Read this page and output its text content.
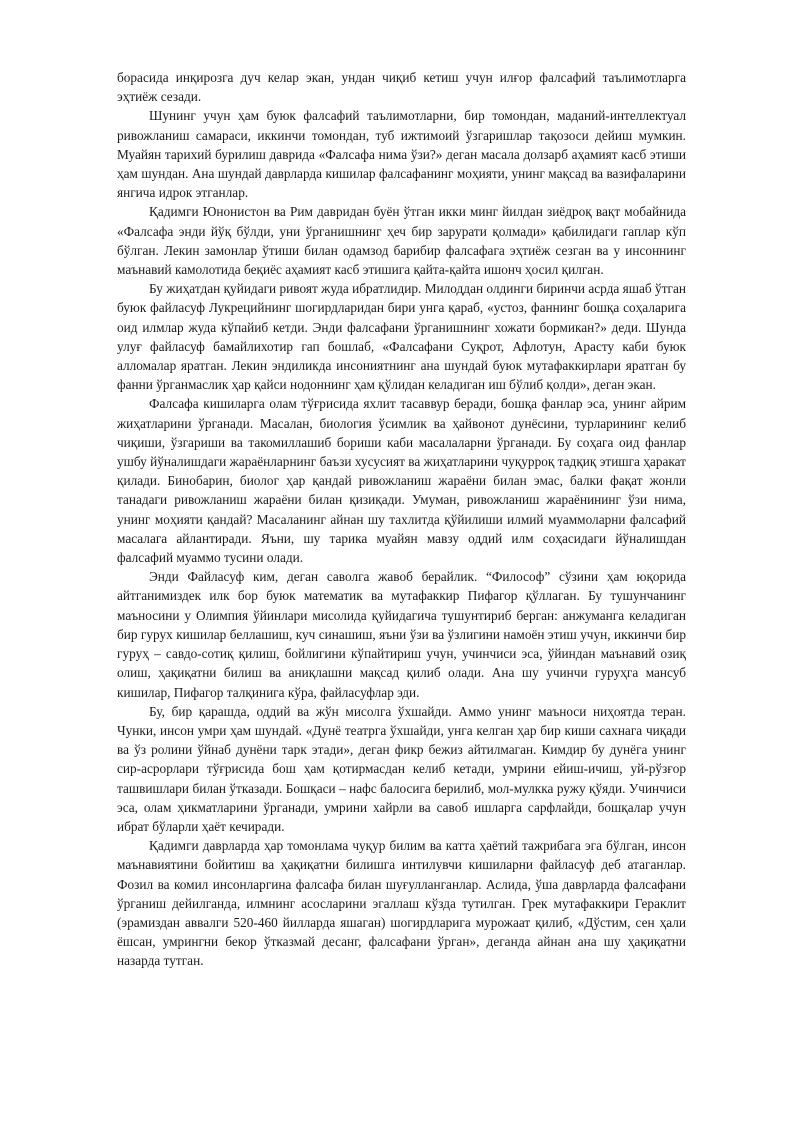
борасида инқирозга дуч келар экан, ундан чиқиб кетиш учун илғор фалсафий таълимотларга эҳтиёж сезади.

Шунинг учун ҳам буюк фалсафий таълимотларни, бир томондан, маданий-интеллектуал ривожланиш самараси, иккинчи томондан, туб ижтимоий ўзгаришлар тақозоси дейиш мумкин. Муайян тарихий бурилиш даврида «Фалсафа нима ўзи?» деган масала долзарб аҳамият касб этиши ҳам шундан. Ана шундай даврларда кишилар фалсафанинг моҳияти, унинг мақсад ва вазифаларини янгича идрок этганлар.

Қадимги Юнонистон ва Рим давридан буён ўтган икки минг йилдан зиёдроқ вақт мобайнида «Фалсафа энди йўқ бўлди, уни ўрганишнинг ҳеч бир зарурати қолмади» қабилидаги гаплар кўп бўлган. Лекин замонлар ўтиши билан одамзод барибир фалсафага эҳтиёж сезган ва у инсоннинг маънавий камолотида беқиёс аҳамият касб этишига қайта-қайта ишонч ҳосил қилган.

Бу жиҳатдан қуйидаги ривоят жуда ибратлидир. Милоддан олдинги биринчи асрда яшаб ўтган буюк файласуф Лукрецийнинг шогирдларидан бири унга қараб, «устоз, фаннинг бошқа соҳаларига оид илмлар жуда кўпайиб кетди. Энди фалсафани ўрганишнинг хожати бормикан?» деди. Шунда улуғ файласуф бамайлихотир гап бошлаб, «Фалсафани Суқрот, Афлотун, Арасту каби буюк алломалар яратган. Лекин эндиликда инсониятнинг ана шундай буюк мутафаккирлари яратган бу фанни ўрганмаслик ҳар қайси нодоннинг ҳам қўлидан келадиган иш бўлиб қолди», деган экан.

Фалсафа кишиларга олам тўғрисида яхлит тасаввур беради, бошқа фанлар эса, унинг айрим жиҳатларини ўрганади. Масалан, биология ўсимлик ва ҳайвонот дунёсини, турларининг келиб чиқиши, ўзгариши ва такомиллашиб бориши каби масалаларни ўрганади. Бу соҳага оид фанлар ушбу йўналишдаги жараёнларнинг баъзи хусусият ва жиҳатларини чуқурроқ тадқиқ этишга ҳаракат қилади. Бинобарин, биолог ҳар қандай ривожланиш жараёни билан эмас, балки фақат жонли танадаги ривожланиш жараёни билан қизиқади. Умуман, ривожланиш жараёнининг ўзи нима, унинг моҳияти қандай? Масаланинг айнан шу тахлитда қўйилиши илмий муаммоларни фалсафий масалага айлантиради. Яъни, шу тарика муайян мавзу оддий илм соҳасидаги йўналишдан фалсафий муаммо тусини олади.

Энди Файласуф ким, деган саволга жавоб берайлик. “Философ” сўзини ҳам юқорида айтганимиздек илк бор буюк математик ва мутафаккир Пифагор қўллаган. Бу тушунчанинг маъносини у Олимпия ўйинлари мисолида қуйидагича тушунтириб берган: анжуманга келадиган бир гурух кишилар беллашиш, куч синашиш, яъни ўзи ва ўзлигини намоён этиш учун, иккинчи бир гуруҳ – савдо-сотиқ қилиш, бойлигини кўпайтириш учун, учинчиси эса, ўйиндан маънавий озиқ олиш, ҳақиқатни билиш ва аниқлашни мақсад қилиб олади. Ана шу учинчи гуруҳга мансуб кишилар, Пифагор талқинига кўра, файласуфлар эди.

Бу, бир қарашда, оддий ва жўн мисолга ўхшайди. Аммо унинг маъноси ниҳоятда теран. Чунки, инсон умри ҳам шундай. «Дунё театрга ўхшайди, унга келган ҳар бир киши сахнага чиқади ва ўз ролини ўйнаб дунёни тарк этади», деган фикр бежиз айтилмаган. Кимдир бу дунёга унинг сир-асрорлари тўғрисида бош ҳам қотирмасдан келиб кетади, умрини ейиш-ичиш, уй-рўзғор ташвишлари билан ўтказади. Бошқаси – нафс балосига берилиб, мол-мулкка ружу қўяди. Учинчиси эса, олам ҳикматларини ўрганади, умрини хайрли ва савоб ишларга сарфлайди, бошқалар учун ибрат бўларли ҳаёт кечиради.

Қадимги даврларда ҳар томонлама чуқур билим ва катта ҳаётий тажрибага эга бўлган, инсон маънавиятини бойитиш ва ҳақиқатни билишга интилувчи кишиларни файласуф деб атаганлар. Фозил ва комил инсонларгина фалсафа билан шуғулланганлар. Аслида, ўша даврларда фалсафани ўрганиш дейилганда, илмнинг асосларини эгаллаш кўзда тутилган. Грек мутафаккири Гераклит (эрамиздан аввалги 520-460 йилларда яшаган) шогирдларига мурожаат қилиб, «Дўстим, сен ҳали ёшсан, умрингни бекор ўтказмай десанг, фалсафани ўрган», деганда айнан ана шу ҳақиқатни назарда тутган.
